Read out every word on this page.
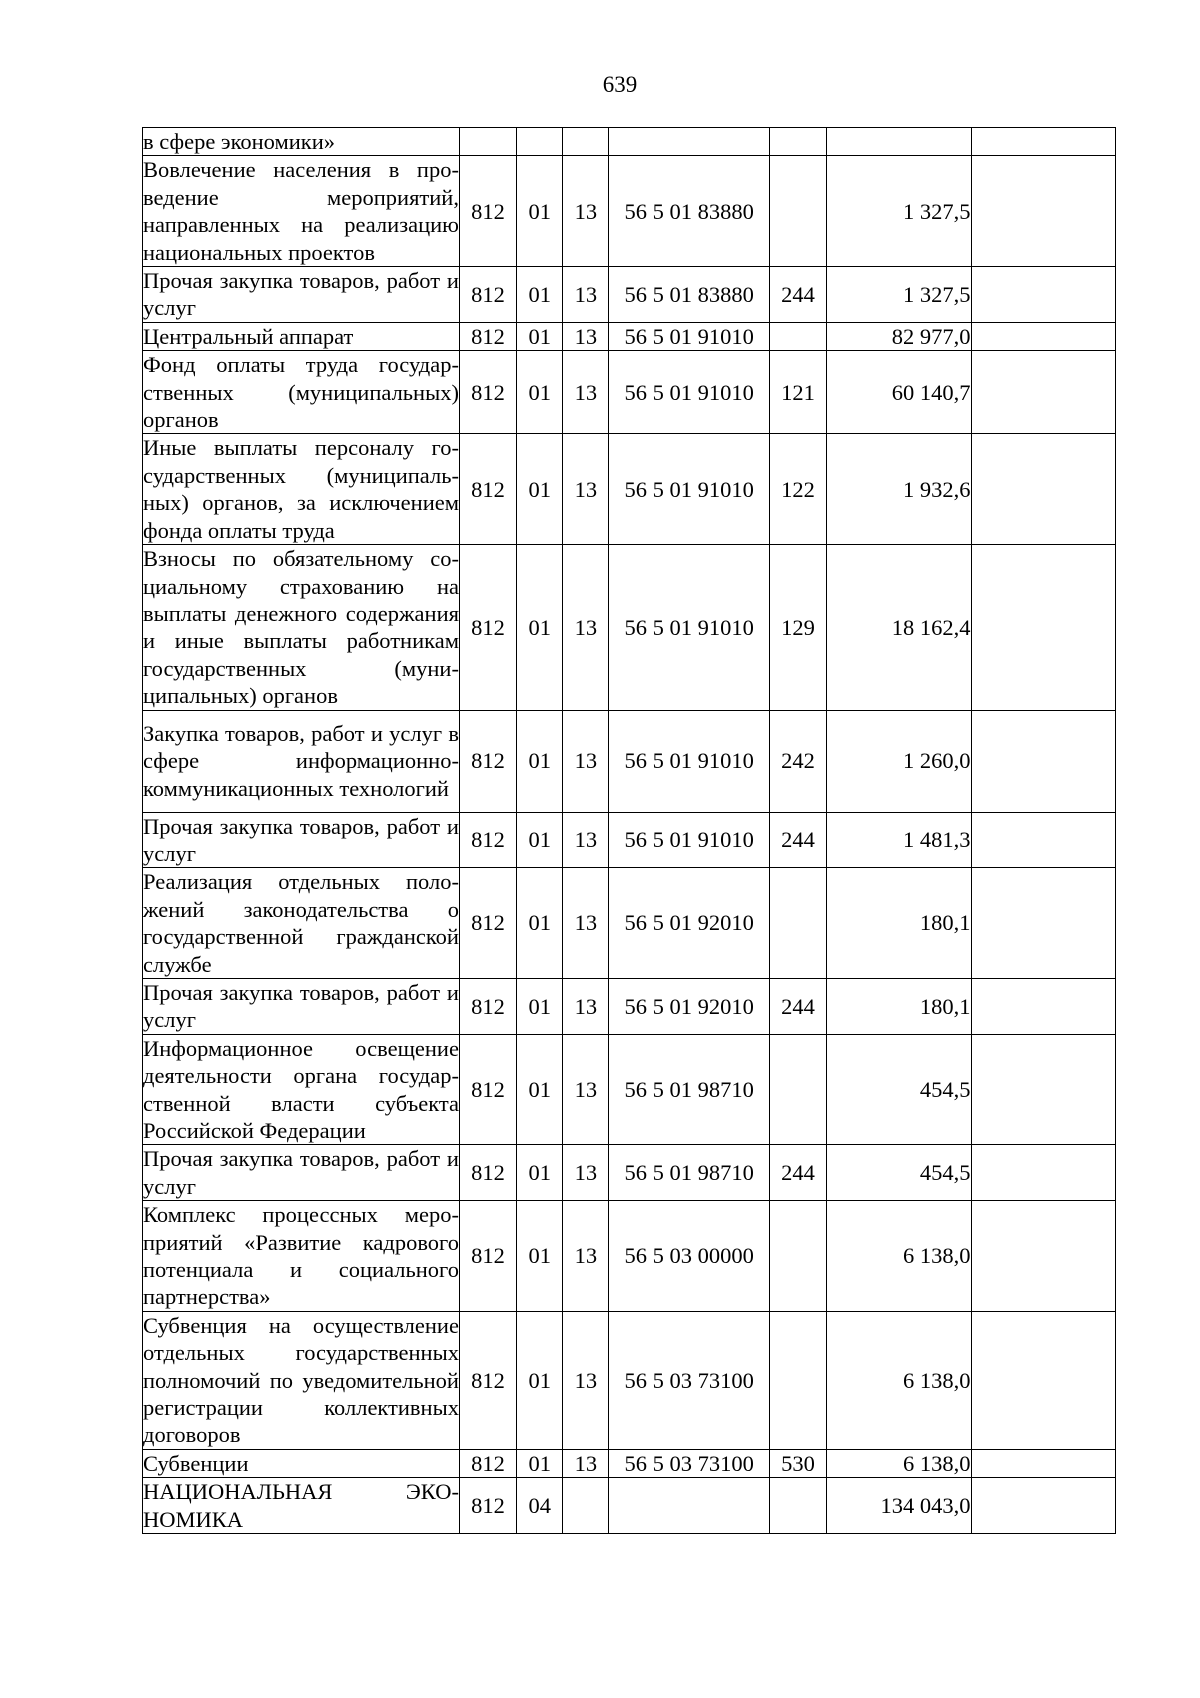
639
в сфере экономики»							
Вовлечение населения в проведение мероприятий, направленных на реализацию национальных проектов	812	01	13	56 5 01 83880		1 327,5	
Прочая закупка товаров, работ и услуг	812	01	13	56 5 01 83880	244	1 327,5	
Центральный аппарат	812	01	13	56 5 01 91010		82 977,0	
Фонд оплаты труда государственных (муниципальных) органов	812	01	13	56 5 01 91010	121	60 140,7	
Иные выплаты персоналу государственных (муниципальных) органов, за исключением фонда оплаты труда	812	01	13	56 5 01 91010	122	1 932,6	
Взносы по обязательному социальному страхованию на выплаты денежного содержания и иные выплаты работникам государственных (муниципальных) органов	812	01	13	56 5 01 91010	129	18 162,4	
Закупка товаров, работ и услуг в сфере информационно-коммуникационных технологий	812	01	13	56 5 01 91010	242	1 260,0	
Прочая закупка товаров, работ и услуг	812	01	13	56 5 01 91010	244	1 481,3	
Реализация отдельных положений законодательства о государственной гражданской службе	812	01	13	56 5 01 92010		180,1	
Прочая закупка товаров, работ и услуг	812	01	13	56 5 01 92010	244	180,1	
Информационное освещение деятельности органа государственной власти субъекта Российской Федерации	812	01	13	56 5 01 98710		454,5	
Прочая закупка товаров, работ и услуг	812	01	13	56 5 01 98710	244	454,5	
Комплекс процессных мероприятий «Развитие кадрового потенциала и социального партнерства»	812	01	13	56 5 03 00000		6 138,0	
Субвенция на осуществление отдельных государственных полномочий по уведомительной регистрации коллективных договоров	812	01	13	56 5 03 73100		6 138,0	
Субвенции	812	01	13	56 5 03 73100	530	6 138,0	
НАЦИОНАЛЬНАЯ ЭКОНОМИКА	812	04				134 043,0	
